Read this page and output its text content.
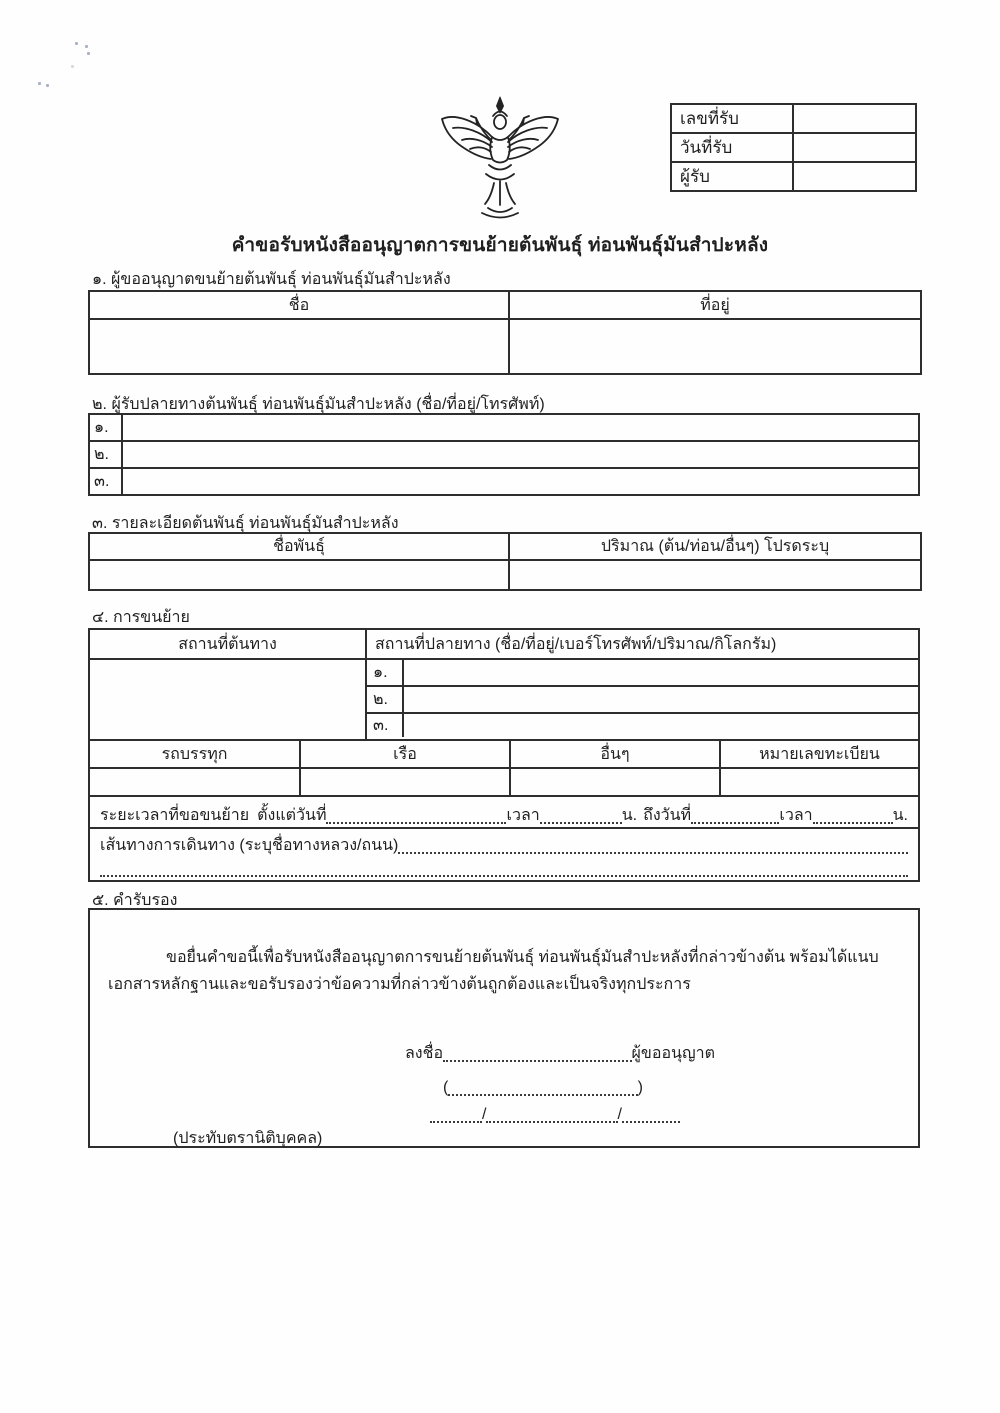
เลขที่รับ	
วันที่รับ	
ผู้รับ	
คำขอรับหนังสืออนุญาตการขนย้ายต้นพันธุ์ ท่อนพันธุ์มันสำปะหลัง
๑. ผู้ขออนุญาตขนย้ายต้นพันธุ์ ท่อนพันธุ์มันสำปะหลัง
ชื่อ	ที่อยู่

๒. ผู้รับปลายทางต้นพันธุ์ ท่อนพันธุ์มันสำปะหลัง (ชื่อ/ที่อยู่/โทรศัพท์)
๑.	
๒.	
๓.	
๓. รายละเอียดต้นพันธุ์ ท่อนพันธุ์มันสำปะหลัง
ชื่อพันธุ์	ปริมาณ (ต้น/ท่อน/อื่นๆ) โปรดระบุ

๔. การขนย้าย
สถานที่ต้นทาง	สถานที่ปลายทาง (ชื่อ/ที่อยู่/เบอร์โทรศัพท์/ปริมาณ/กิโลกรัม)
๑.
๒.
๓.
รถบรรทุก	เรือ	อื่นๆ	หมายเลขทะเบียน
ระยะเวลาที่ขอขนย้าย ตั้งแต่วันที่	เวลา	น. ถึงวันที่	เวลา	น.
เส้นทางการเดินทาง (ระบุชื่อทางหลวง/ถนน)
๕. คำรับรอง
ขอยื่นคำขอนี้เพื่อรับหนังสืออนุญาตการขนย้ายต้นพันธุ์ ท่อนพันธุ์มันสำปะหลังที่กล่าวข้างต้น พร้อมได้แนบเอกสารหลักฐานและขอรับรองว่าข้อความที่กล่าวข้างต้นถูกต้องและเป็นจริงทุกประการ
ลงชื่อ	ผู้ขออนุญาต
(	)
/	/
(ประทับตรานิติบุคคล)
